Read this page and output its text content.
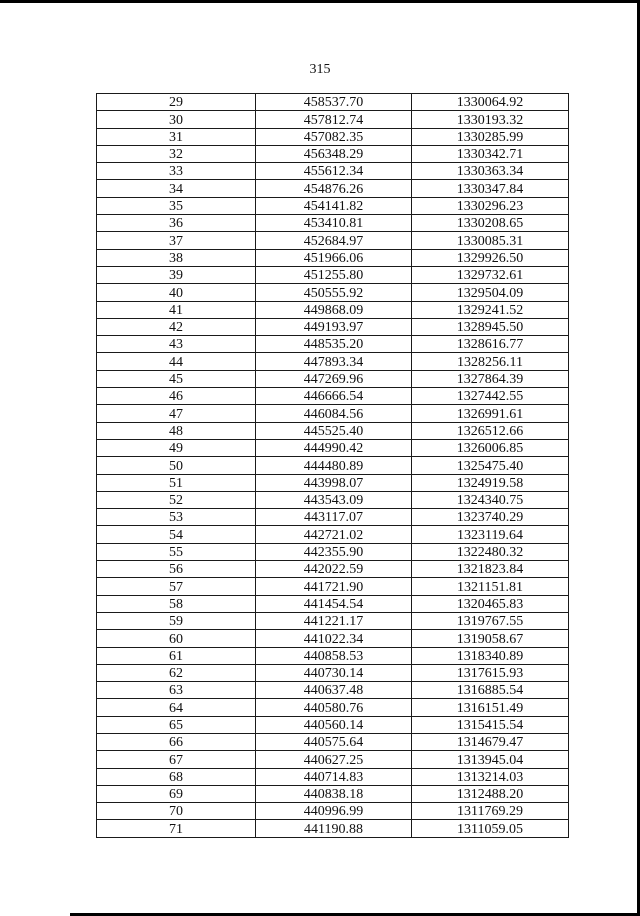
315
29	458537.70	1330064.92
30	457812.74	1330193.32
31	457082.35	1330285.99
32	456348.29	1330342.71
33	455612.34	1330363.34
34	454876.26	1330347.84
35	454141.82	1330296.23
36	453410.81	1330208.65
37	452684.97	1330085.31
38	451966.06	1329926.50
39	451255.80	1329732.61
40	450555.92	1329504.09
41	449868.09	1329241.52
42	449193.97	1328945.50
43	448535.20	1328616.77
44	447893.34	1328256.11
45	447269.96	1327864.39
46	446666.54	1327442.55
47	446084.56	1326991.61
48	445525.40	1326512.66
49	444990.42	1326006.85
50	444480.89	1325475.40
51	443998.07	1324919.58
52	443543.09	1324340.75
53	443117.07	1323740.29
54	442721.02	1323119.64
55	442355.90	1322480.32
56	442022.59	1321823.84
57	441721.90	1321151.81
58	441454.54	1320465.83
59	441221.17	1319767.55
60	441022.34	1319058.67
61	440858.53	1318340.89
62	440730.14	1317615.93
63	440637.48	1316885.54
64	440580.76	1316151.49
65	440560.14	1315415.54
66	440575.64	1314679.47
67	440627.25	1313945.04
68	440714.83	1313214.03
69	440838.18	1312488.20
70	440996.99	1311769.29
71	441190.88	1311059.05
